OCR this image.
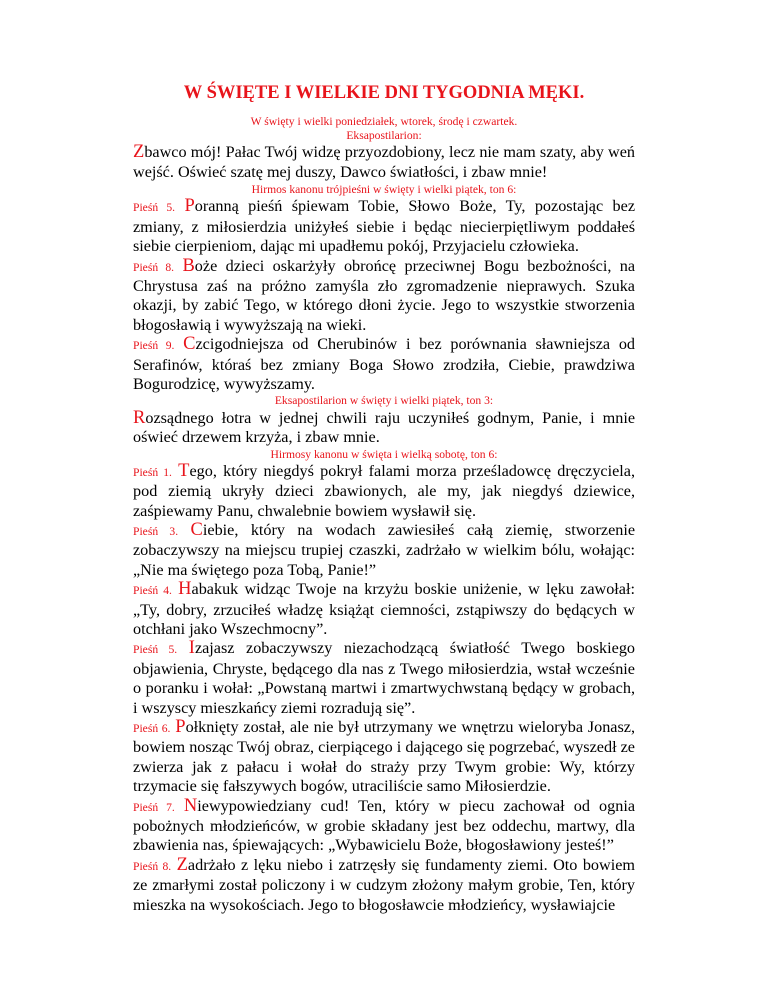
W ŚWIĘTE I WIELKIE DNI TYGODNIA MĘKI.
W święty i wielki poniedziałek, wtorek, środę i czwartek.
Eksapostilarion:

Zbawco mój! Pałac Twój widzę przyozdobiony, lecz nie mam szaty, aby weń wejść. Oświeć szatę mej duszy, Dawco światłości, i zbaw mnie!

Hirmos kanonu trójpieśni w święty i wielki piątek, ton 6:

Pieśń 5. Poranną pieśń śpiewam Tobie, Słowo Boże, Ty, pozostając bez zmiany, z miłosierdzia uniżyłeś siebie i będąc niecierpiętliwym poddałeś siebie cierpieniom, dając mi upadłemu pokój, Przyjacielu człowieka.

Pieśń 8. Boże dzieci oskarżyły obrońcę przeciwnej Bogu bezbożności, na Chrystusa zaś na próżno zamyśla zło zgromadzenie nieprawych. Szuka okazji, by zabić Tego, w którego dłoni życie. Jego to wszystkie stworzenia błogosławią i wywyższają na wieki.

Pieśń 9. Czcigodniejsza od Cherubinów i bez porównania sławniejsza od Serafinów, któraś bez zmiany Boga Słowo zrodziła, Ciebie, prawdziwa Bogurodzicę, wywyższamy.

Eksapostilarion w święty i wielki piątek, ton 3:

Rozsądnego łotra w jednej chwili raju uczyniłeś godnym, Panie, i mnie oświeć drzewem krzyża, i zbaw mnie.

Hirmosy kanonu w święta i wielką sobotę, ton 6:

Pieśń 1. Tego, który niegdyś pokrył falami morza prześladowcę dręczyciela, pod ziemią ukryły dzieci zbawionych, ale my, jak niegdyś dziewice, zaśpiewamy Panu, chwalebnie bowiem wysławił się.

Pieśń 3. Ciebie, który na wodach zawiesiłeś całą ziemię, stworzenie zobaczywszy na miejscu trupiej czaszki, zadrżało w wielkim bólu, wołając: „Nie ma świętego poza Tobą, Panie!”

Pieśń 4. Habakuk widząc Twoje na krzyżu boskie uniżenie, w lęku zawołał: „Ty, dobry, zrzuciłeś władzę książąt ciemności, zstąpiwszy do będących w otchłani jako Wszechmocny”.

Pieśń 5. Izajasz zobaczywszy niezachodzącą światłość Twego boskiego objawienia, Chryste, będącego dla nas z Twego miłosierdzia, wstał wcześnie o poranku i wołał: „Powstaną martwi i zmartwychwstaną będący w grobach, i wszyscy mieszkańcy ziemi rozradują się”.

Pieśń 6. Połknięty został, ale nie był utrzymany we wnętrzu wieloryba Jonasz, bowiem nosząc Twój obraz, cierpiącego i dającego się pogrzebać, wyszedł ze zwierza jak z pałacu i wołał do straży przy Twym grobie: Wy, którzy trzymacie się fałszywych bogów, utraciliście samo Miłosierdzie.

Pieśń 7. Niewypowiedziany cud! Ten, który w piecu zachował od ognia pobożnych młodzieńców, w grobie składany jest bez oddechu, martwy, dla zbawienia nas, śpiewających: „Wybawicielu Boże, błogosławiony jesteś!”

Pieśń 8. Zadrżało z lęku niebo i zatrzęsły się fundamenty ziemi. Oto bowiem ze zmarłymi został policzony i w cudzym złożony małym grobie, Ten, który mieszka na wysokościach. Jego to błogosławcie młodzieńcy, wysławiajcie
